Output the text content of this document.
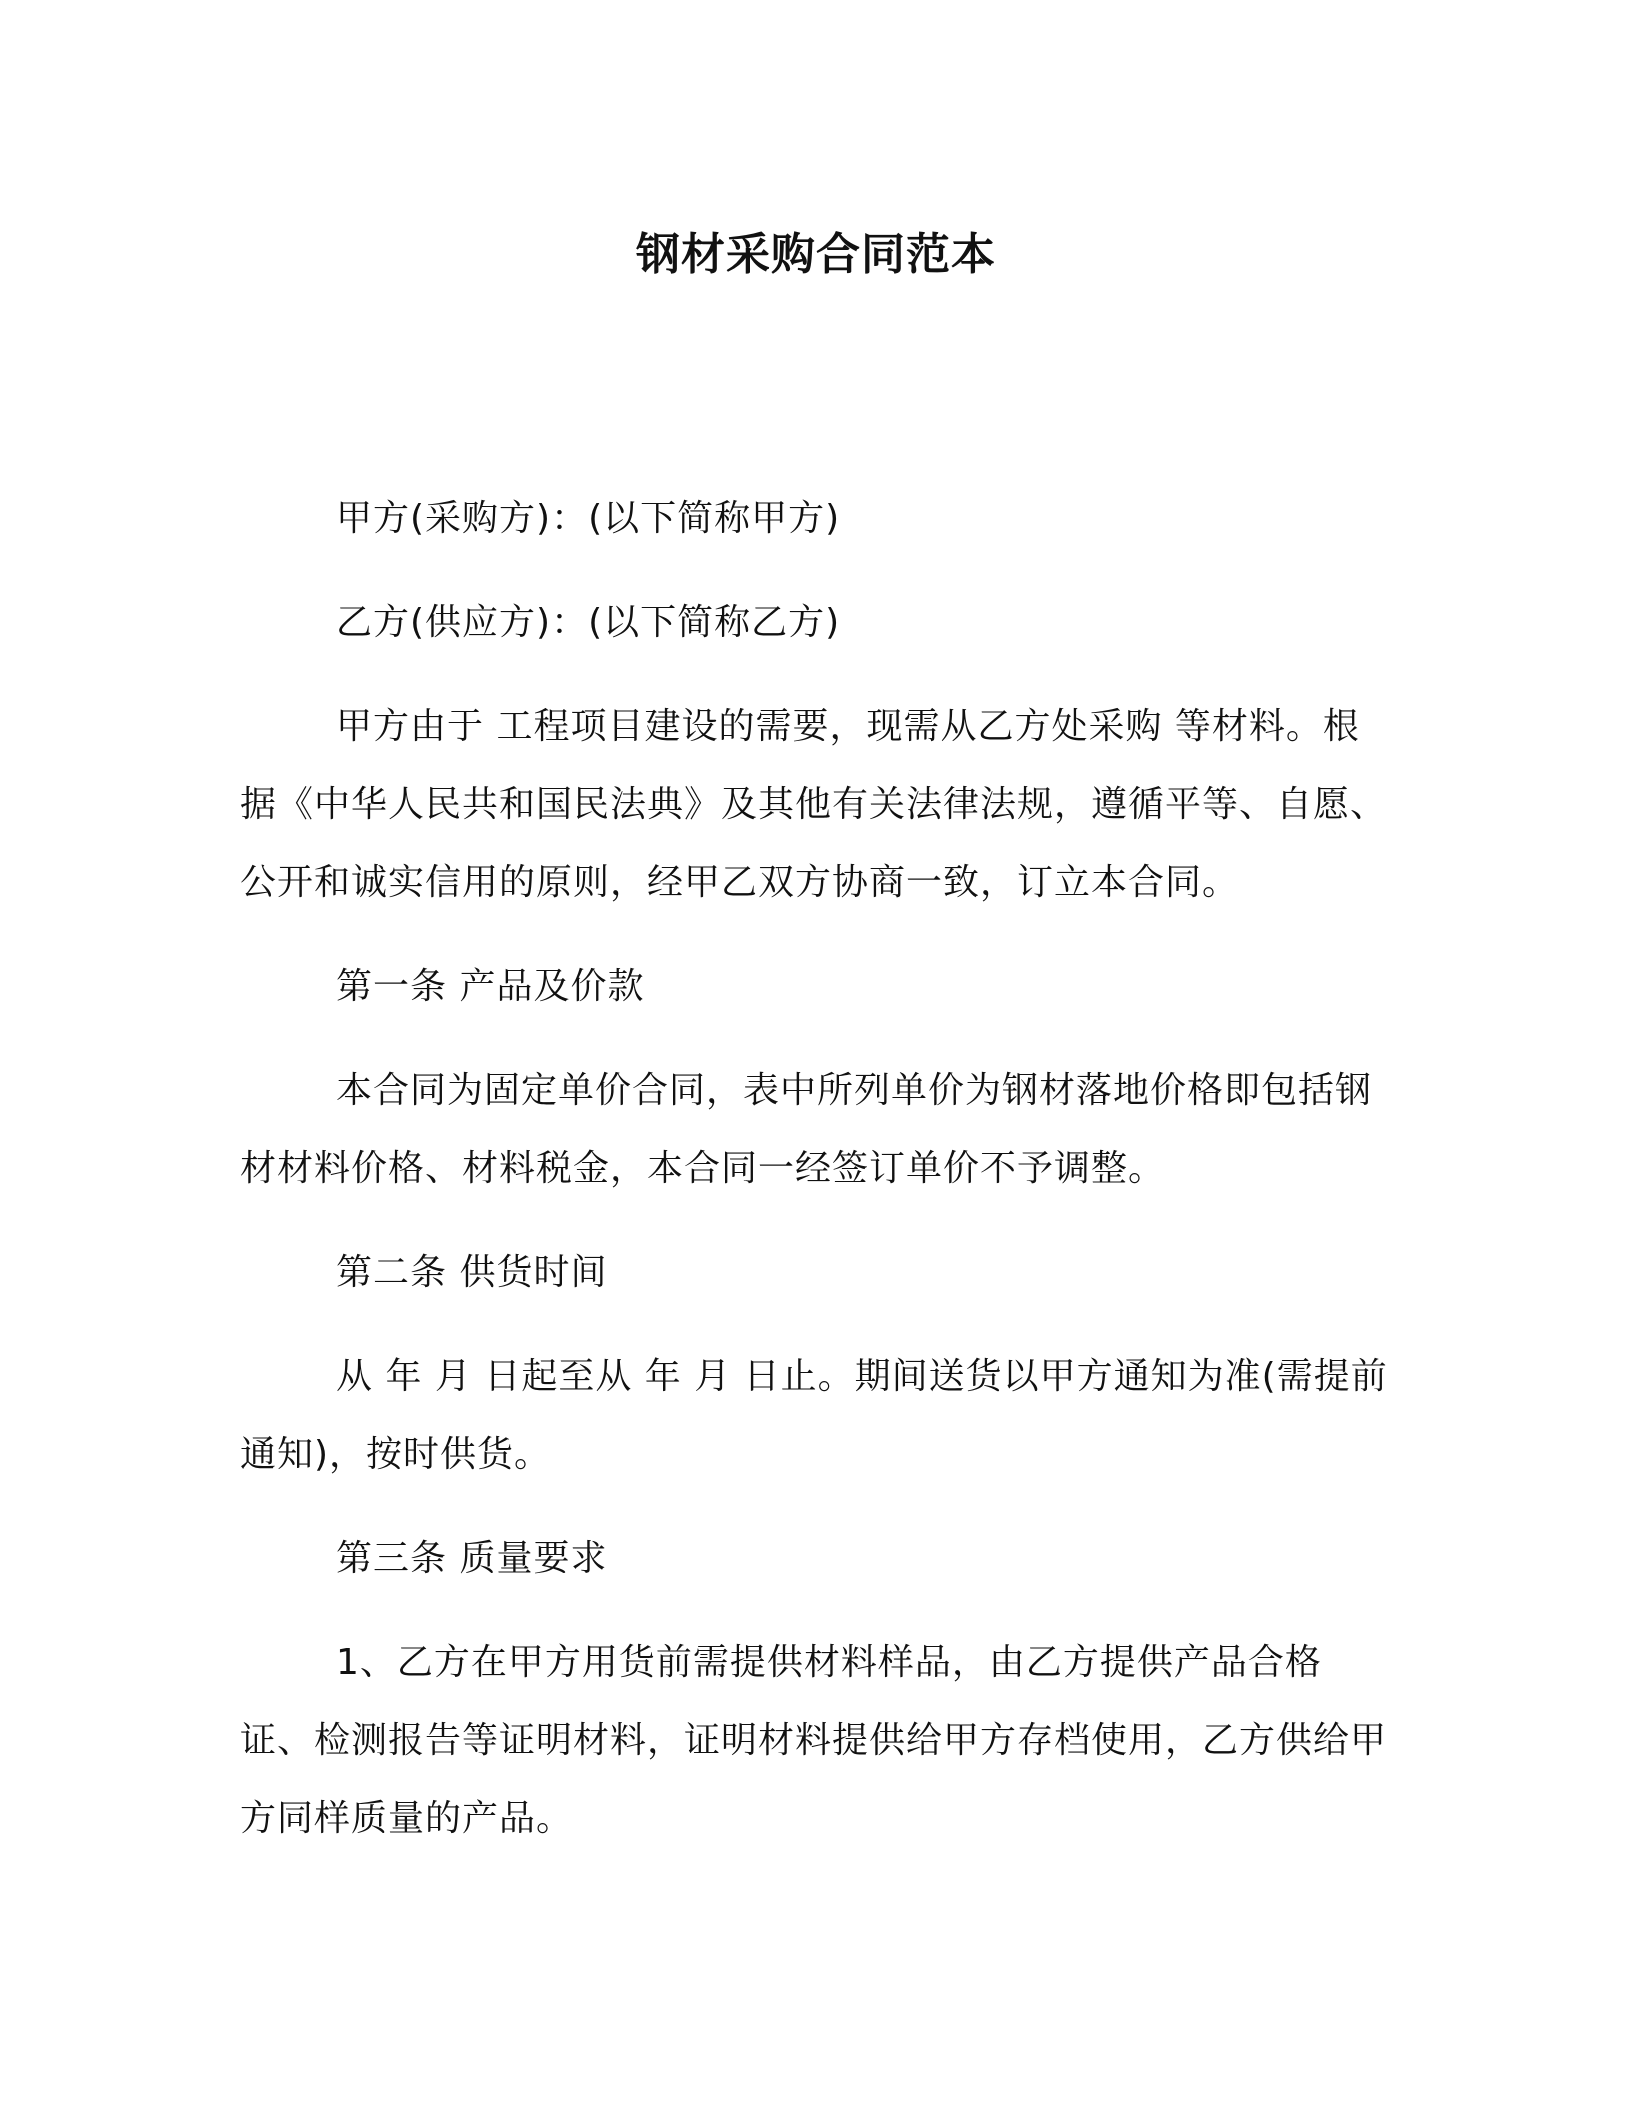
钢材采购合同范本

甲方(采购方)：(以下简称甲方)

乙方(供应方)：(以下简称乙方)

甲方由于 工程项目建设的需要，现需从乙方处采购 等材料。根据《中华人民共和国民法典》及其他有关法律法规，遵循平等、自愿、公开和诚实信用的原则，经甲乙双方协商一致，订立本合同。

第一条 产品及价款

本合同为固定单价合同，表中所列单价为钢材落地价格即包括钢材材料价格、材料税金，本合同一经签订单价不予调整。

第二条 供货时间

从 年 月 日起至从 年 月 日止。期间送货以甲方通知为准(需提前通知)，按时供货。

第三条 质量要求

1、乙方在甲方用货前需提供材料样品，由乙方提供产品合格证、检测报告等证明材料，证明材料提供给甲方存档使用，乙方供给甲方同样质量的产品。
